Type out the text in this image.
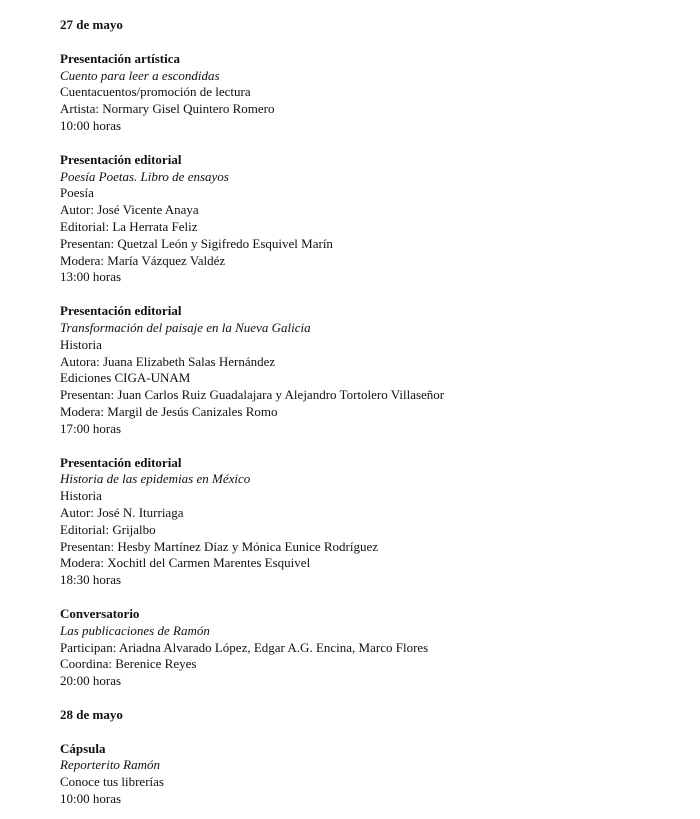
27 de mayo
Presentación artística
Cuento para leer a escondidas
Cuentacuentos/promoción de lectura
Artista: Normary Gisel Quintero Romero
10:00 horas
Presentación editorial
Poesía Poetas. Libro de ensayos
Poesía
Autor: José Vicente Anaya
Editorial: La Herrata Feliz
Presentan: Quetzal León y Sigifredo Esquivel Marín
Modera: María Vázquez Valdéz
13:00 horas
Presentación editorial
Transformación del paisaje en la Nueva Galicia
Historia
Autora: Juana Elizabeth Salas Hernández
Ediciones CIGA-UNAM
Presentan: Juan Carlos Ruiz Guadalajara y Alejandro Tortolero Villaseñor
Modera: Margil de Jesús Canizales Romo
17:00 horas
Presentación editorial
Historia de las epidemias en México
Historia
Autor: José N. Iturriaga
Editorial: Grijalbo
Presentan: Hesby Martínez Díaz y Mónica Eunice Rodríguez
Modera: Xochitl del Carmen Marentes Esquivel
18:30 horas
Conversatorio
Las publicaciones de Ramón
Participan: Ariadna Alvarado López, Edgar A.G. Encina, Marco Flores
Coordina: Berenice Reyes
20:00 horas
28 de mayo
Cápsula
Reporterito Ramón
Conoce tus librerías
10:00 horas
